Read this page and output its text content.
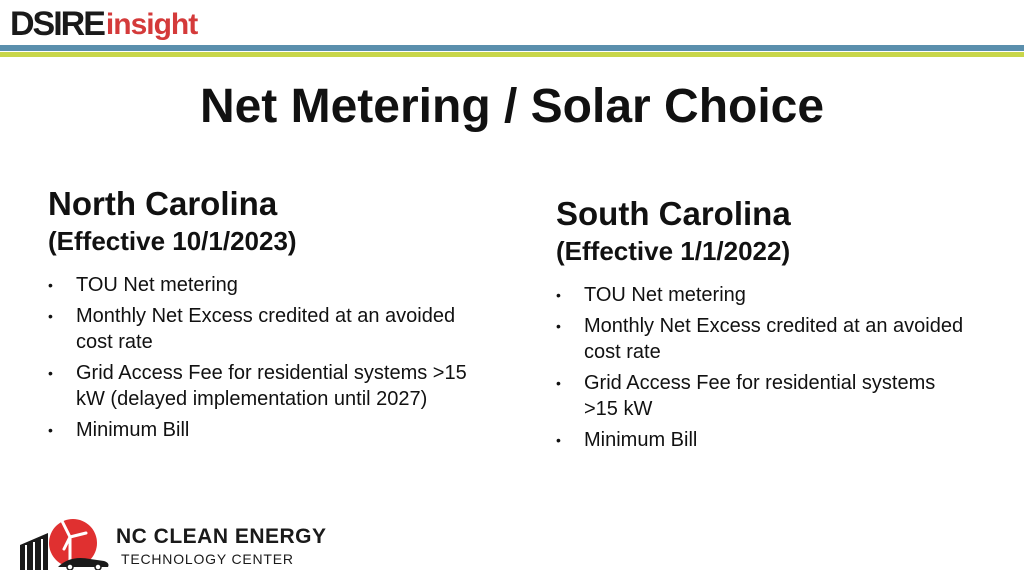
DSIREinsight
Net Metering / Solar Choice
North Carolina
(Effective 10/1/2023)
• TOU Net metering
• Monthly Net Excess credited at an avoided cost rate
• Grid Access Fee for residential systems >15 kW (delayed implementation until 2027)
• Minimum Bill
South Carolina
(Effective 1/1/2022)
• TOU Net metering
• Monthly Net Excess credited at an avoided cost rate
• Grid Access Fee for residential systems >15 kW
• Minimum Bill
NC CLEAN ENERGY
TECHNOLOGY CENTER
